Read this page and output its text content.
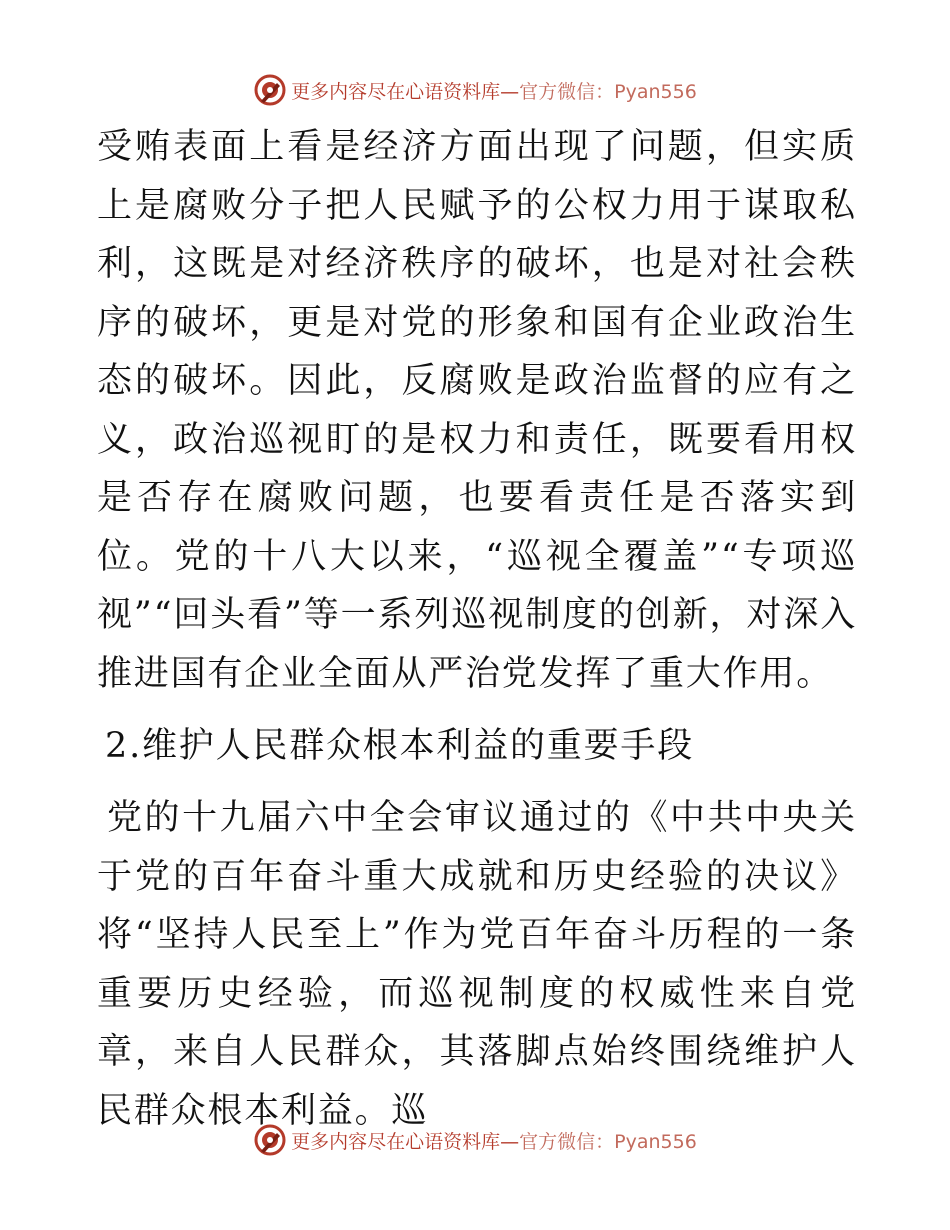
更多内容尽在心语资料库—官方微信：Pyan556

受贿表面上看是经济方面出现了问题，但实质上是腐败分子把人民赋予的公权力用于谋取私利，这既是对经济秩序的破坏，也是对社会秩序的破坏，更是对党的形象和国有企业政治生态的破坏。因此，反腐败是政治监督的应有之义，政治巡视盯的是权力和责任，既要看用权是否存在腐败问题，也要看责任是否落实到位。党的十八大以来，“巡视全覆盖”“专项巡视”“回头看”等一系列巡视制度的创新，对深入推进国有企业全面从严治党发挥了重大作用。

2.维护人民群众根本利益的重要手段

党的十九届六中全会审议通过的《中共中央关于党的百年奋斗重大成就和历史经验的决议》将“坚持人民至上”作为党百年奋斗历程的一条重要历史经验，而巡视制度的权威性来自党章，来自人民群众，其落脚点始终围绕维护人民群众根本利益。巡

更多内容尽在心语资料库—官方微信：Pyan556
